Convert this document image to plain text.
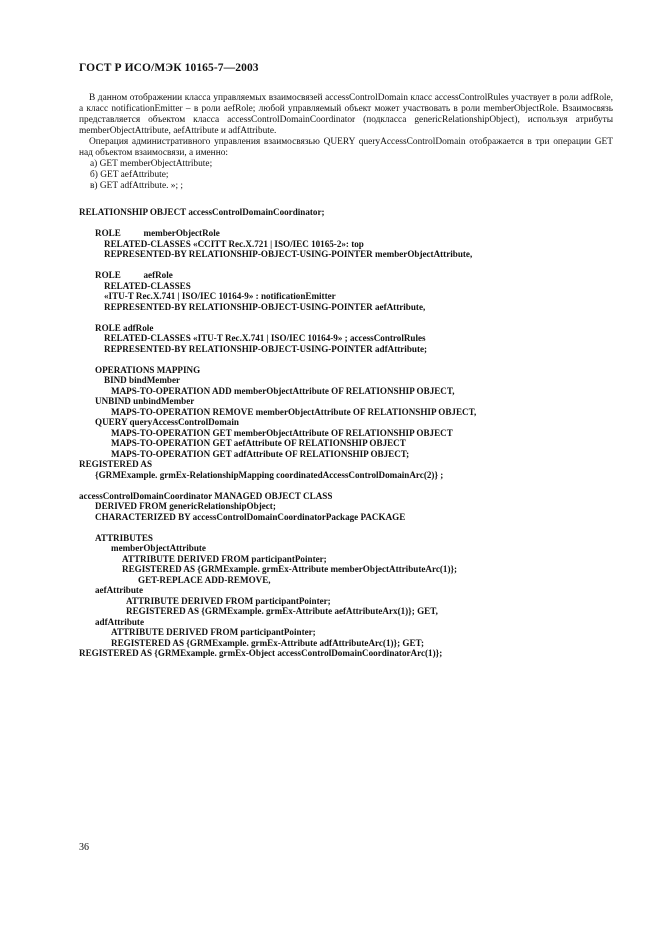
ГОСТ Р ИСО/МЭК 10165-7—2003

В данном отображении класса управляемых взаимосвязей accessControlDomain класс accessControlRules участвует в роли adfRole, а класс notificationEmitter – в роли aefRole; любой управляемый объект может участвовать в роли memberObjectRole. Взаимосвязь представляется объектом класса accessControlDomainCoordinator (подкласса genericRelationshipObject), используя атрибуты memberObjectAttribute, aefAttribute и adfAttribute.

Операция административного управления взаимосвязью QUERY queryAccessControlDomain отображается в три операции GET над объектом взаимосвязи, а именно:

а) GET memberObjectAttribute;
б) GET aefAttribute;
в) GET adfAttribute. »; ;
RELATIONSHIP OBJECT accessControlDomainCoordinator;
ROLE          memberObjectRole
RELATED-CLASSES «CCITT Rec.X.721 | ISO/IEC 10165-2»: top
REPRESENTED-BY RELATIONSHIP-OBJECT-USING-POINTER memberObjectAttribute,
ROLE          aefRole
RELATED-CLASSES
«ITU-T Rec.X.741 | ISO/IEC 10164-9» : notificationEmitter
REPRESENTED-BY RELATIONSHIP-OBJECT-USING-POINTER aefAttribute,
ROLE adfRole
RELATED-CLASSES «ITU-T Rec.X.741 | ISO/IEC 10164-9» ; accessControlRules
REPRESENTED-BY RELATIONSHIP-OBJECT-USING-POINTER adfAttribute;
OPERATIONS MAPPING
BIND bindMember
MAPS-TO-OPERATION ADD memberObjectAttribute OF RELATIONSHIP OBJECT,
UNBIND unbindMember
MAPS-TO-OPERATION REMOVE memberObjectAttribute OF RELATIONSHIP OBJECT,
QUERY queryAccessControlDomain
MAPS-TO-OPERATION GET memberObjectAttribute OF RELATIONSHIP OBJECT
MAPS-TO-OPERATION GET aefAttribute OF RELATIONSHIP OBJECT
MAPS-TO-OPERATION GET adfAttribute OF RELATIONSHIP OBJECT;
REGISTERED AS
{GRMExample. grmEx-RelationshipMapping coordinatedAccessControlDomainArc(2)} ;
accessControlDomainCoordinator MANAGED OBJECT CLASS
DERIVED FROM genericRelationshipObject;
CHARACTERIZED BY accessControlDomainCoordinatorPackage PACKAGE
ATTRIBUTES
memberObjectAttribute
ATTRIBUTE DERIVED FROM participantPointer;
REGISTERED AS {GRMExample. grmEx-Attribute memberObjectAttributeArc(1)};
GET-REPLACE ADD-REMOVE,
aefAttribute
ATTRIBUTE DERIVED FROM participantPointer;
REGISTERED AS {GRMExample. grmEx-Attribute aefAttributeArx(1)}; GET,
adfAttribute
ATTRIBUTE DERIVED FROM participantPointer;
REGISTERED AS {GRMExample. grmEx-Attribute adfAttributeArc(1)}; GET;
REGISTERED AS {GRMExample. grmEx-Object accessControlDomainCoordinatorArc(1)};
36
